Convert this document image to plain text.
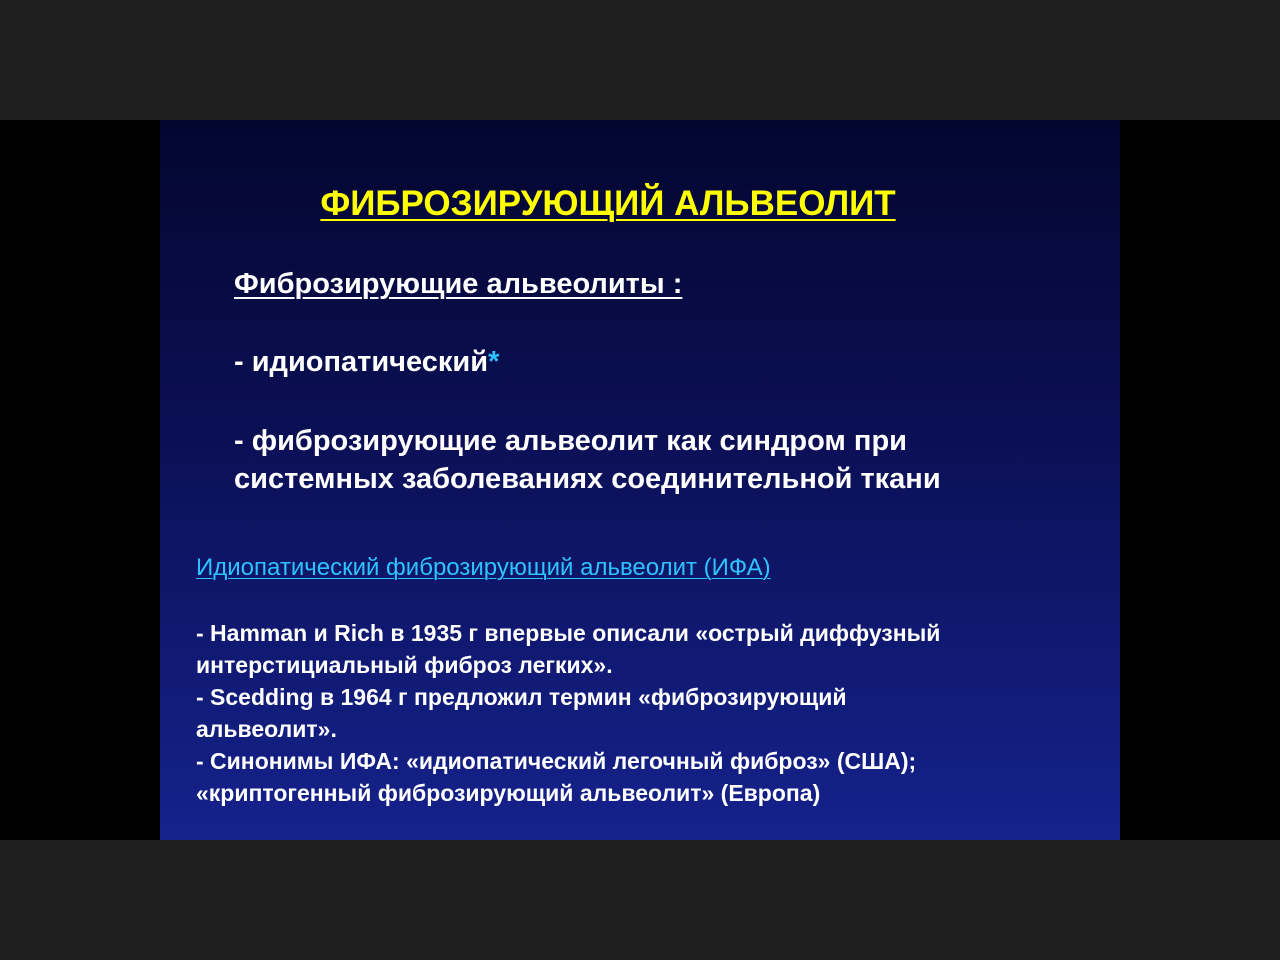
ФИБРОЗИРУЮЩИЙ АЛЬВЕОЛИТ
Фиброзирующие альвеолиты :
- идиопатический*
- фиброзирующие альвеолит как синдром при
системных заболеваниях соединительной ткани
Идиопатический фиброзирующий альвеолит (ИФА)
- Hamman и Rich в 1935 г впервые описали «острый диффузный
интерстициальный фиброз легких».
- Scedding в 1964 г предложил термин «фиброзирующий
альвеолит».
- Синонимы ИФА: «идиопатический легочный фиброз» (США);
«криптогенный фиброзирующий альвеолит» (Европа)
